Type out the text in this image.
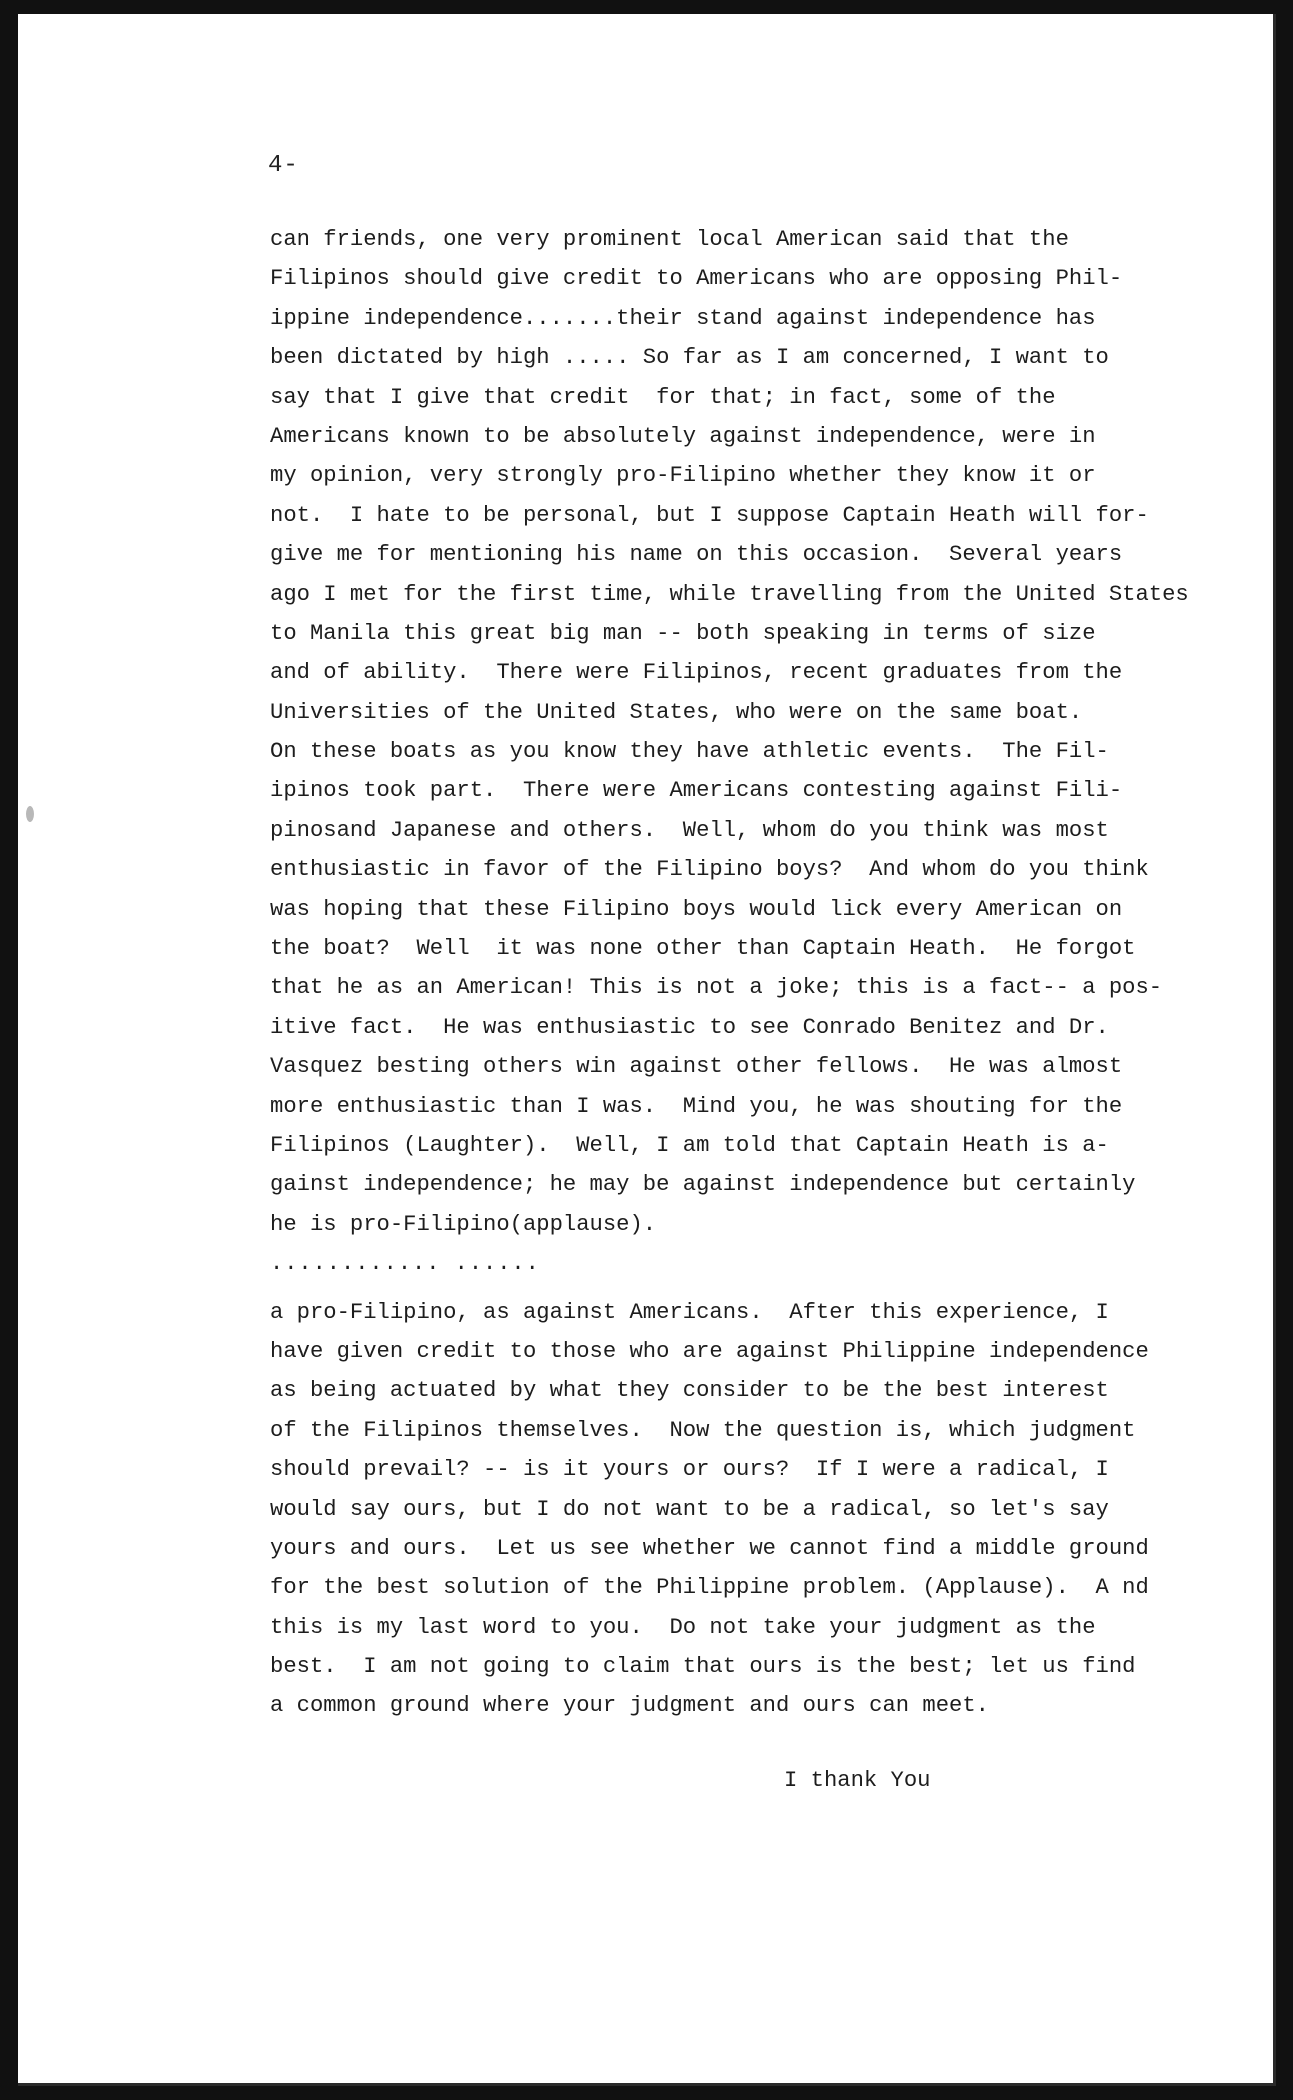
4-
can friends, one very prominent local American said that the
Filipinos should give credit to Americans who are opposing Phil-
ippine independence.......their stand against independence has
been dictated by high ..... So far as I am concerned, I want to
say that I give that credit  for that; in fact, some of the
Americans known to be absolutely against independence, were in
my opinion, very strongly pro-Filipino whether they know it or
not.  I hate to be personal, but I suppose Captain Heath will for-
give me for mentioning his name on this occasion.  Several years
ago I met for the first time, while travelling from the United States
to Manila this great big man -- both speaking in terms of size
and of ability.  There were Filipinos, recent graduates from the
Universities of the United States, who were on the same boat.
On these boats as you know they have athletic events.  The Fil-
ipinos took part.  There were Americans contesting against Fili-
pinosand Japanese and others.  Well, whom do you think was most
enthusiastic in favor of the Filipino boys?  And whom do you think
was hoping that these Filipino boys would lick every American on
the boat?  Well  it was none other than Captain Heath.  He forgot
that he as an American! This is not a joke; this is a fact-- a pos-
itive fact.  He was enthusiastic to see Conrado Benitez and Dr.
Vasquez besting others win against other fellows.  He was almost
more enthusiastic than I was.  Mind you, he was shouting for the
Filipinos (Laughter).  Well, I am told that Captain Heath is a-
gainst independence; he may be against independence but certainly
he is pro-Filipino(applause).
............ ......
a pro-Filipino, as against Americans.  After this experience, I
have given credit to those who are against Philippine independence
as being actuated by what they consider to be the best interest
of the Filipinos themselves.  Now the question is, which judgment
should prevail? -- is it yours or ours?  If I were a radical, I
would say ours, but I do not want to be a radical, so let's say
yours and ours.  Let us see whether we cannot find a middle ground
for the best solution of the Philippine problem. (Applause).  A nd
this is my last word to you.  Do not take your judgment as the
best.  I am not going to claim that ours is the best; let us find
a common ground where your judgment and ours can meet.
I thank You
